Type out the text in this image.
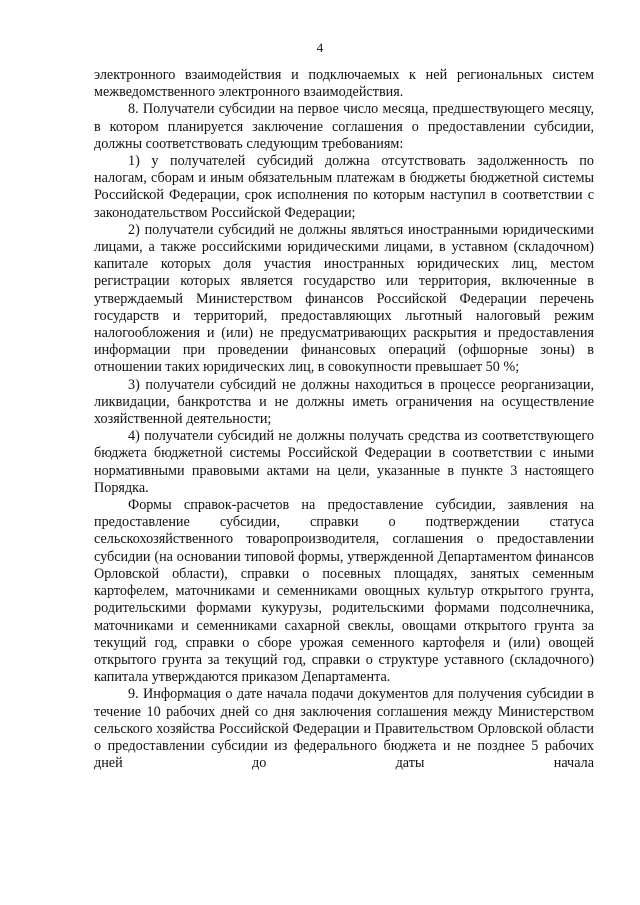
4

электронного взаимодействия и подключаемых к ней региональных систем межведомственного электронного взаимодействия.

8. Получатели субсидии на первое число месяца, предшествующего месяцу, в котором планируется заключение соглашения о предоставлении субсидии, должны соответствовать следующим требованиям:

1) у получателей субсидий должна отсутствовать задолженность по налогам, сборам и иным обязательным платежам в бюджеты бюджетной системы Российской Федерации, срок исполнения по которым наступил в соответствии с законодательством Российской Федерации;

2) получатели субсидий не должны являться иностранными юридическими лицами, а также российскими юридическими лицами, в уставном (складочном) капитале которых доля участия иностранных юридических лиц, местом регистрации которых является государство или территория, включенные в утверждаемый Министерством финансов Российской Федерации перечень государств и территорий, предоставляющих льготный налоговый режим налогообложения и (или) не предусматривающих раскрытия и предоставления информации при проведении финансовых операций (офшорные зоны) в отношении таких юридических лиц, в совокупности превышает 50 %;

3) получатели субсидий не должны находиться в процессе реорганизации, ликвидации, банкротства и не должны иметь ограничения на осуществление хозяйственной деятельности;

4) получатели субсидий не должны получать средства из соответствующего бюджета бюджетной системы Российской Федерации в соответствии с иными нормативными правовыми актами на цели, указанные в пункте 3 настоящего Порядка.

Формы справок-расчетов на предоставление субсидии, заявления на предоставление субсидии, справки о подтверждении статуса сельскохозяйственного товаропроизводителя, соглашения о предоставлении субсидии (на основании типовой формы, утвержденной Департаментом финансов Орловской области), справки о посевных площадях, занятых семенным картофелем, маточниками и семенниками овощных культур открытого грунта, родительскими формами кукурузы, родительскими формами подсолнечника, маточниками и семенниками сахарной свеклы, овощами открытого грунта за текущий год, справки о сборе урожая семенного картофеля и (или) овощей открытого грунта за текущий год, справки о структуре уставного (складочного) капитала утверждаются приказом Департамента.

9. Информация о дате начала подачи документов для получения субсидии в течение 10 рабочих дней со дня заключения соглашения между Министерством сельского хозяйства Российской Федерации и Правительством Орловской области о предоставлении субсидии из федерального бюджета и не позднее 5 рабочих дней до даты начала
